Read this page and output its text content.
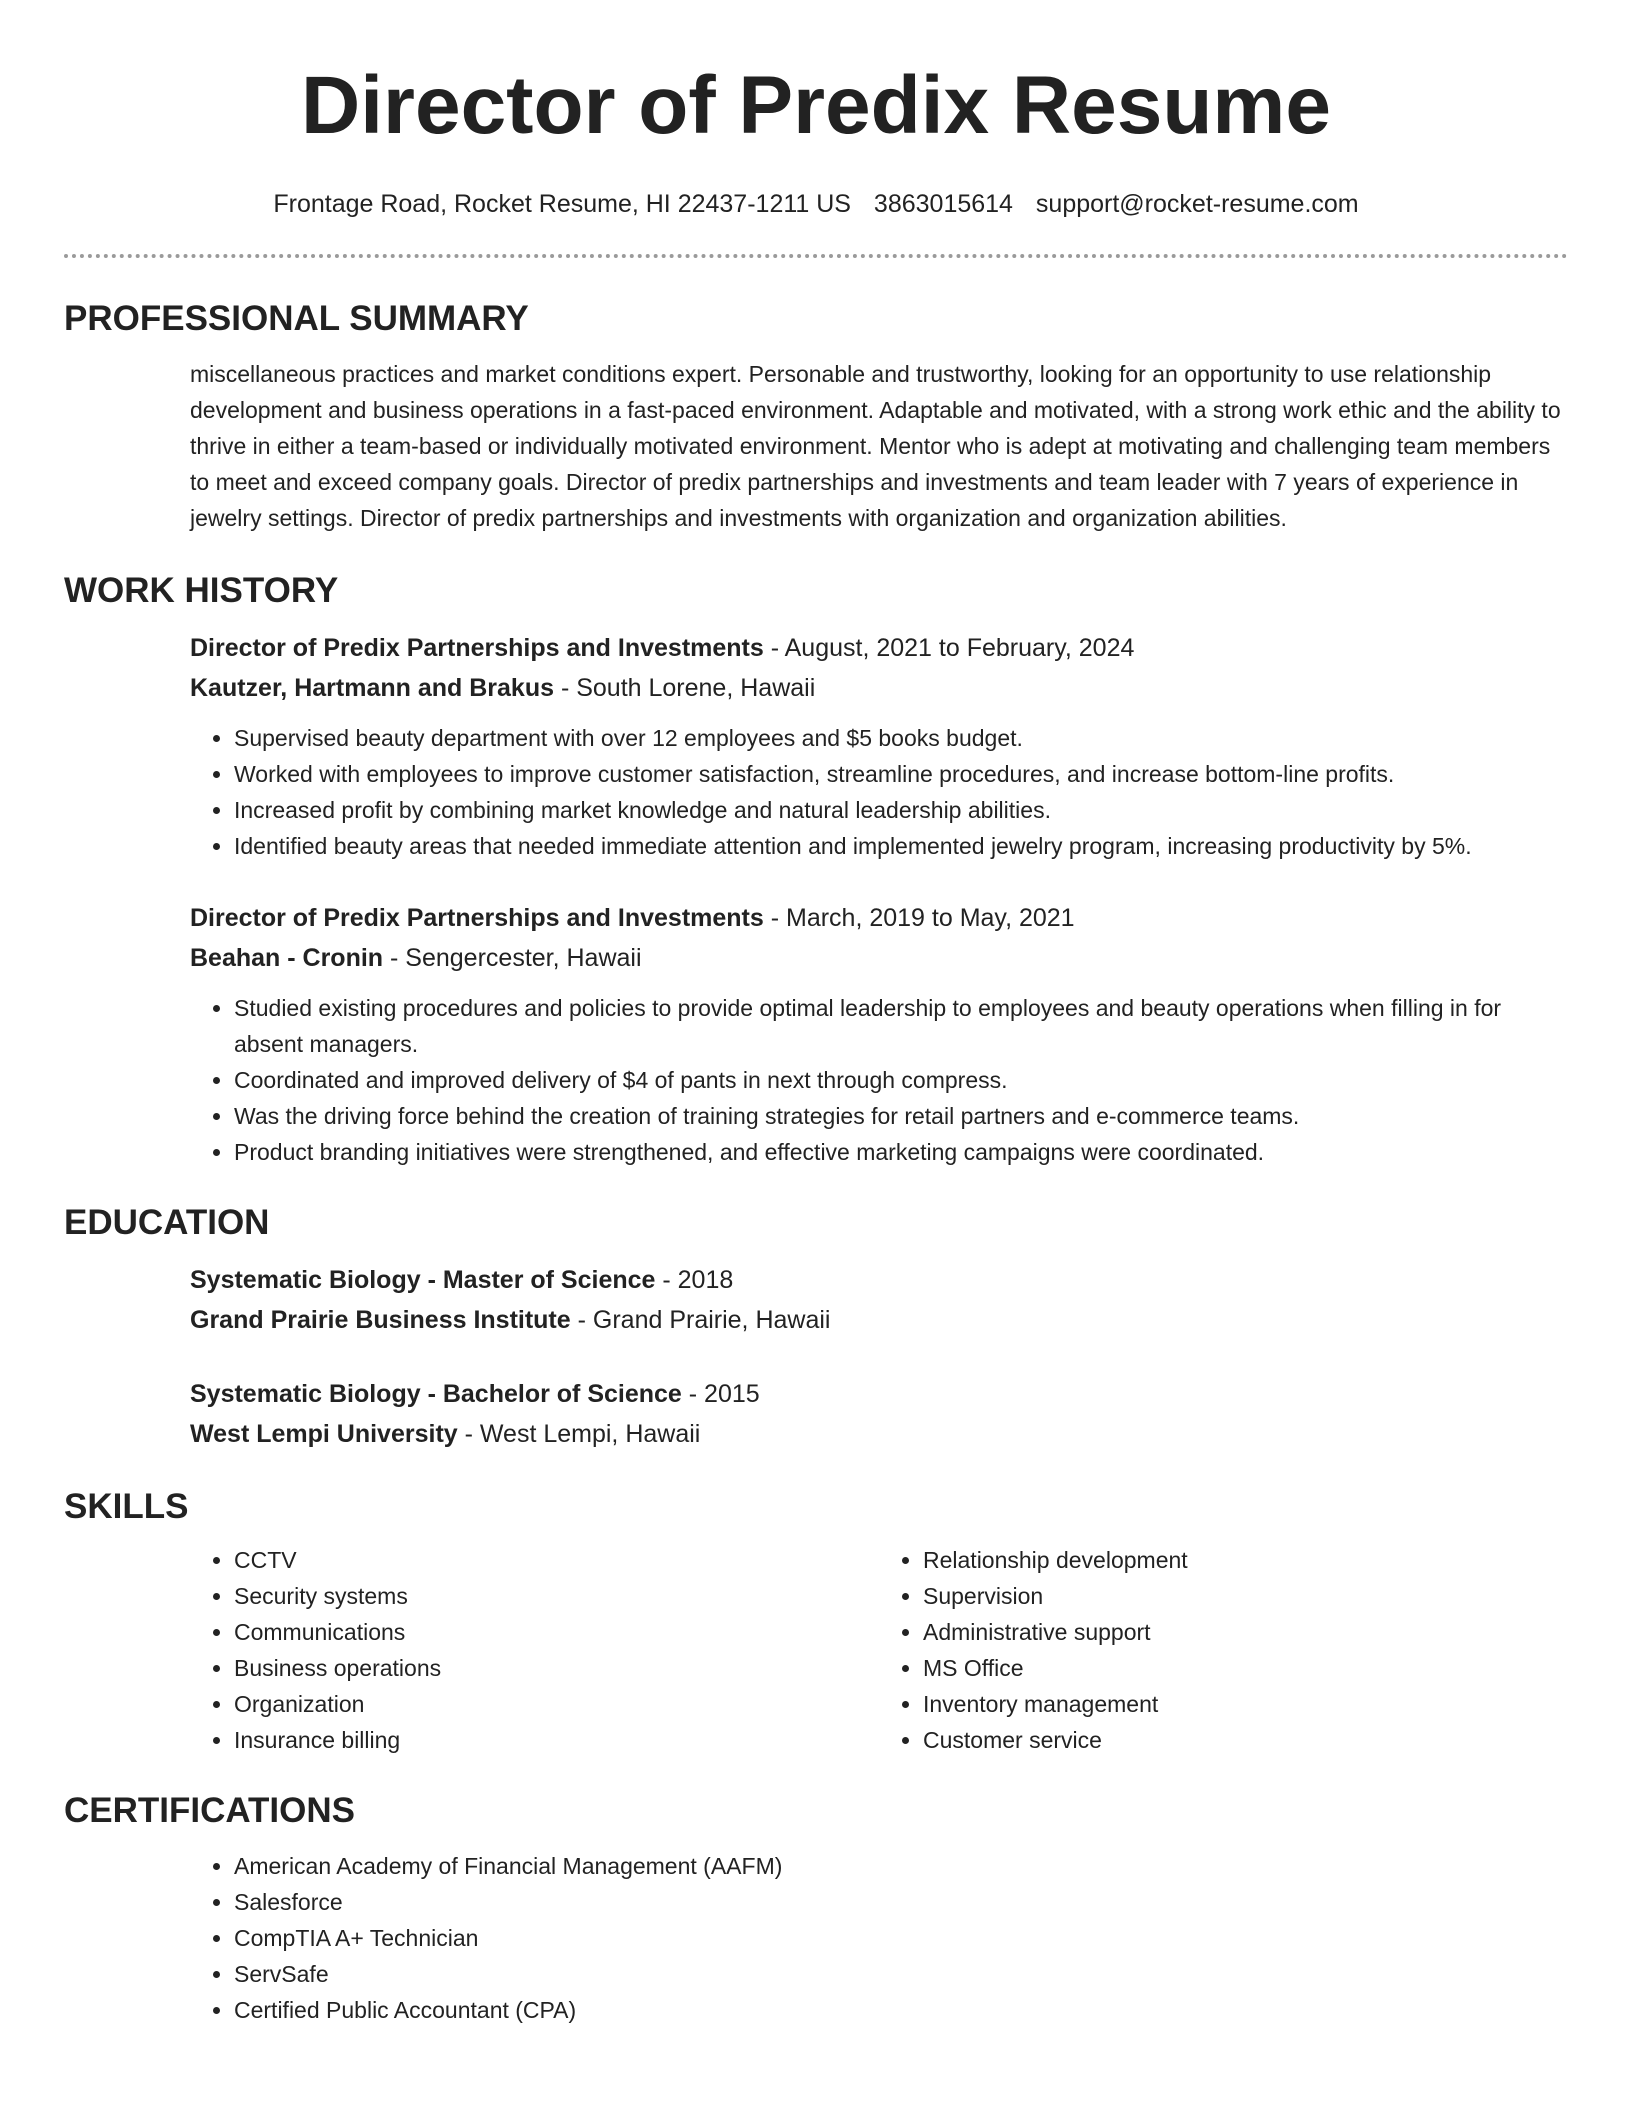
Director of Predix Resume
Frontage Road, Rocket Resume, HI 22437-1211 US 3863015614 support@rocket-resume.com
PROFESSIONAL SUMMARY

miscellaneous practices and market conditions expert. Personable and trustworthy, looking for an opportunity to use relationship development and business operations in a fast-paced environment. Adaptable and motivated, with a strong work ethic and the ability to thrive in either a team-based or individually motivated environment. Mentor who is adept at motivating and challenging team members to meet and exceed company goals. Director of predix partnerships and investments and team leader with 7 years of experience in jewelry settings. Director of predix partnerships and investments with organization and organization abilities.

WORK HISTORY
Director of Predix Partnerships and Investments - August, 2021 to February, 2024
Kautzer, Hartmann and Brakus - South Lorene, Hawaii
• Supervised beauty department with over 12 employees and $5 books budget.
• Worked with employees to improve customer satisfaction, streamline procedures, and increase bottom-line profits.
• Increased profit by combining market knowledge and natural leadership abilities.
• Identified beauty areas that needed immediate attention and implemented jewelry program, increasing productivity by 5%.
Director of Predix Partnerships and Investments - March, 2019 to May, 2021
Beahan - Cronin - Sengercester, Hawaii
• Studied existing procedures and policies to provide optimal leadership to employees and beauty operations when filling in for absent managers.
• Coordinated and improved delivery of $4 of pants in next through compress.
• Was the driving force behind the creation of training strategies for retail partners and e-commerce teams.
• Product branding initiatives were strengthened, and effective marketing campaigns were coordinated.
EDUCATION
Systematic Biology - Master of Science - 2018
Grand Prairie Business Institute - Grand Prairie, Hawaii
Systematic Biology - Bachelor of Science - 2015
West Lempi University - West Lempi, Hawaii
SKILLS
• CCTV
• Security systems
• Communications
• Business operations
• Organization
• Insurance billing
• Relationship development
• Supervision
• Administrative support
• MS Office
• Inventory management
• Customer service
CERTIFICATIONS
• American Academy of Financial Management (AAFM)
• Salesforce
• CompTIA A+ Technician
• ServSafe
• Certified Public Accountant (CPA)
